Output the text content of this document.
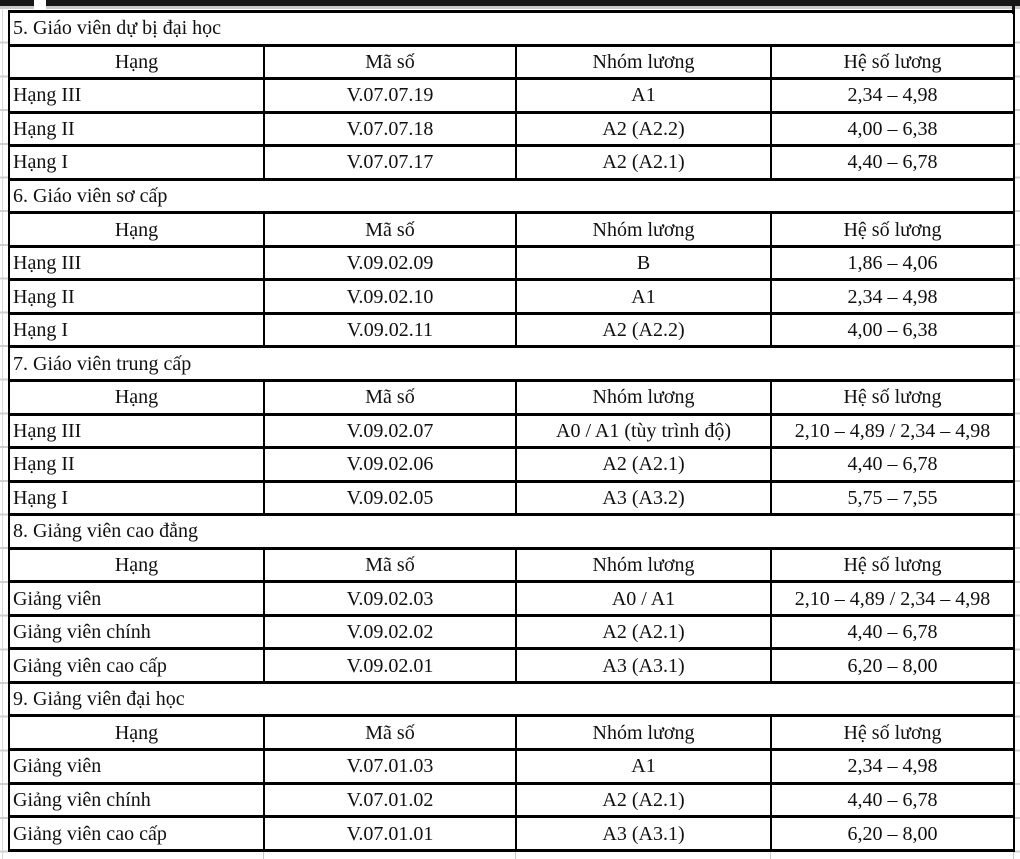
5. Giáo viên dự bị đại học			
Hạng	Mã số	Nhóm lương	Hệ số lương
Hạng III	V.07.07.19	A1	2,34 – 4,98
Hạng II	V.07.07.18	A2 (A2.2)	4,00 – 6,38
Hạng I	V.07.07.17	A2 (A2.1)	4,40 – 6,78
6. Giáo viên sơ cấp			
Hạng	Mã số	Nhóm lương	Hệ số lương
Hạng III	V.09.02.09	B	1,86 – 4,06
Hạng II	V.09.02.10	A1	2,34 – 4,98
Hạng I	V.09.02.11	A2 (A2.2)	4,00 – 6,38
7. Giáo viên trung cấp			
Hạng	Mã số	Nhóm lương	Hệ số lương
Hạng III	V.09.02.07	A0 / A1 (tùy trình độ)	2,10 – 4,89 / 2,34 – 4,98
Hạng II	V.09.02.06	A2 (A2.1)	4,40 – 6,78
Hạng I	V.09.02.05	A3 (A3.2)	5,75 – 7,55
8. Giảng viên cao đẳng			
Hạng	Mã số	Nhóm lương	Hệ số lương
Giảng viên	V.09.02.03	A0 / A1	2,10 – 4,89 / 2,34 – 4,98
Giảng viên chính	V.09.02.02	A2 (A2.1)	4,40 – 6,78
Giảng viên cao cấp	V.09.02.01	A3 (A3.1)	6,20 – 8,00
9. Giảng viên đại học			
Hạng	Mã số	Nhóm lương	Hệ số lương
Giảng viên	V.07.01.03	A1	2,34 – 4,98
Giảng viên chính	V.07.01.02	A2 (A2.1)	4,40 – 6,78
Giảng viên cao cấp	V.07.01.01	A3 (A3.1)	6,20 – 8,00
